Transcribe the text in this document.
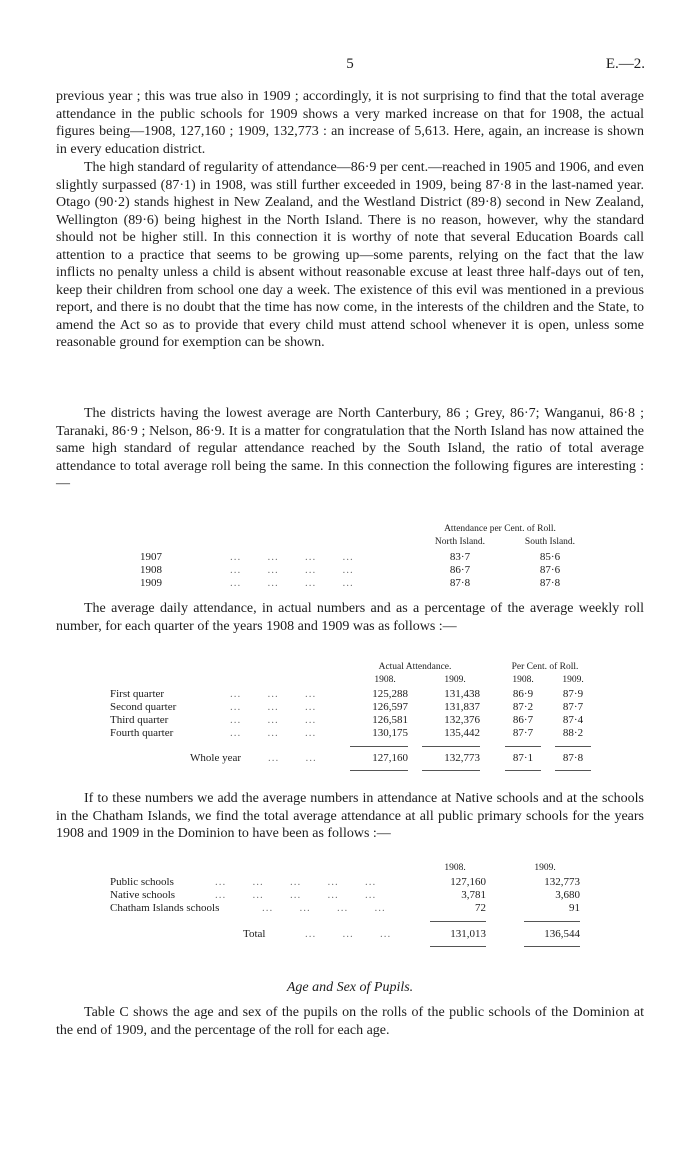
5	E.—2.

previous year ; this was true also in 1909 ; accordingly, it is not surprising to find that the total average attendance in the public schools for 1909 shows a very marked increase on that for 1908, the actual figures being—1908, 127,160 ; 1909, 132,773 : an increase of 5,613. Here, again, an increase is shown in every education district.

The high standard of regularity of attendance—86·9 per cent.—reached in 1905 and 1906, and even slightly surpassed (87·1) in 1908, was still further exceeded in 1909, being 87·8 in the last-named year. Otago (90·2) stands highest in New Zealand, and the Westland District (89·8) second in New Zealand, Wellington (89·6) being highest in the North Island. There is no reason, however, why the standard should not be higher still. In this connection it is worthy of note that several Education Boards call attention to a practice that seems to be growing up—some parents, relying on the fact that the law inflicts no penalty unless a child is absent without reasonable excuse at least three half-days out of ten, keep their children from school one day a week. The existence of this evil was mentioned in a previous report, and there is no doubt that the time has now come, in the interests of the children and the State, to amend the Act so as to provide that every child must attend school whenever it is open, unless some reasonable ground for exemption can be shown.

The districts having the lowest average are North Canterbury, 86 ; Grey, 86·7; Wanganui, 86·8 ; Taranaki, 86·9 ; Nelson, 86·9. It is a matter for congratulation that the North Island has now attained the same high standard of regular attendance reached by the South Island, the ratio of total average attendance to total average roll being the same. In this connection the following figures are interesting :—

Attendance per Cent. of Roll.
North Island.	South Island.
1907	...       ...       ...       ...	83·7	85·6
1908	...       ...       ...       ...	86·7	87·6
1909	...       ...       ...       ...	87·8	87·8

The average daily attendance, in actual numbers and as a percentage of the average weekly roll number, for each quarter of the years 1908 and 1909 was as follows :—

Actual Attendance.	Per Cent. of Roll.
1908.	1909.	1908.	1909.
First quarter	...       ...       ...	125,288	131,438	86·9	87·9
Second quarter	...       ...       ...	126,597	131,837	87·2	87·7
Third quarter	...       ...       ...	126,581	132,376	86·7	87·4
Fourth quarter	...       ...       ...	130,175	135,442	87·7	88·2
Whole year ...       ...	127,160	132,773	87·1	87·8

If to these numbers we add the average numbers in attendance at Native schools and at the schools in the Chatham Islands, we find the total average attendance at all public primary schools for the years 1908 and 1909 in the Dominion to have been as follows :—

1908.	1909.
Public schools	...       ...       ...       ...       ...	127,160	132,773
Native schools	...       ...       ...       ...       ...	3,781	3,680
Chatham Islands schools	...       ...       ...       ...	72	91
Total	...       ...       ...	131,013	136,544
Age and Sex of Pupils.

Table C shows the age and sex of the pupils on the rolls of the public schools of the Dominion at the end of 1909, and the percentage of the roll for each age.
